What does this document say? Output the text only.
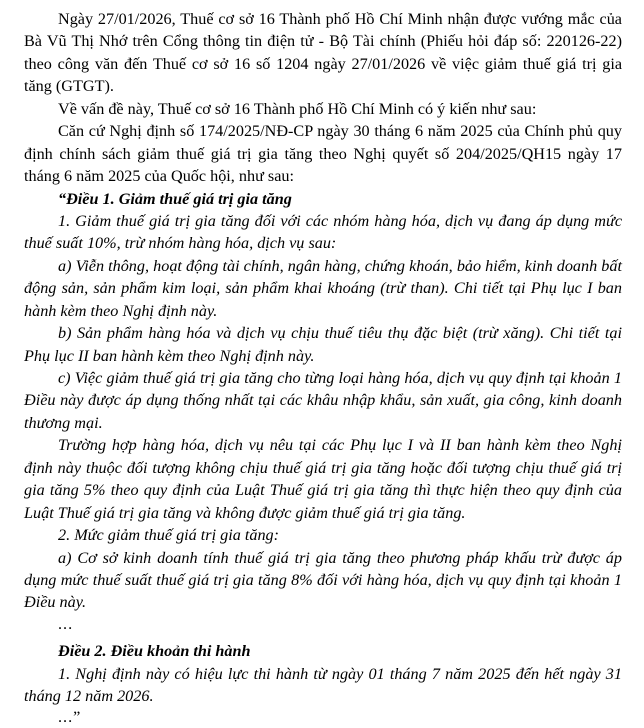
Ngày 27/01/2026, Thuế cơ sở 16 Thành phố Hồ Chí Minh nhận được vướng mắc của Bà Vũ Thị Nhớ trên Cổng thông tin điện tử - Bộ Tài chính (Phiếu hỏi đáp số: 220126-22) theo công văn đến Thuế cơ sở 16 số 1204 ngày 27/01/2026 về việc giảm thuế giá trị gia tăng (GTGT).

Về vấn đề này, Thuế cơ sở 16 Thành phố Hồ Chí Minh có ý kiến như sau:

Căn cứ Nghị định số 174/2025/NĐ-CP ngày 30 tháng 6 năm 2025 của Chính phủ quy định chính sách giảm thuế giá trị gia tăng theo Nghị quyết số 204/2025/QH15 ngày 17 tháng 6 năm 2025 của Quốc hội, như sau:

“Điều 1. Giảm thuế giá trị gia tăng

1. Giảm thuế giá trị gia tăng đối với các nhóm hàng hóa, dịch vụ đang áp dụng mức thuế suất 10%, trừ nhóm hàng hóa, dịch vụ sau:

a) Viễn thông, hoạt động tài chính, ngân hàng, chứng khoán, bảo hiểm, kinh doanh bất động sản, sản phẩm kim loại, sản phẩm khai khoáng (trừ than). Chi tiết tại Phụ lục I ban hành kèm theo Nghị định này.

b) Sản phẩm hàng hóa và dịch vụ chịu thuế tiêu thụ đặc biệt (trừ xăng). Chi tiết tại Phụ lục II ban hành kèm theo Nghị định này.

c) Việc giảm thuế giá trị gia tăng cho từng loại hàng hóa, dịch vụ quy định tại khoản 1 Điều này được áp dụng thống nhất tại các khâu nhập khẩu, sản xuất, gia công, kinh doanh thương mại.

Trường hợp hàng hóa, dịch vụ nêu tại các Phụ lục I và II ban hành kèm theo Nghị định này thuộc đối tượng không chịu thuế giá trị gia tăng hoặc đối tượng chịu thuế giá trị gia tăng 5% theo quy định của Luật Thuế giá trị gia tăng thì thực hiện theo quy định của Luật Thuế giá trị gia tăng và không được giảm thuế giá trị gia tăng.

2. Mức giảm thuế giá trị gia tăng:

a) Cơ sở kinh doanh tính thuế giá trị gia tăng theo phương pháp khấu trừ được áp dụng mức thuế suất thuế giá trị gia tăng 8% đối với hàng hóa, dịch vụ quy định tại khoản 1 Điều này.

...

Điều 2. Điều khoản thi hành

1. Nghị định này có hiệu lực thi hành từ ngày 01 tháng 7 năm 2025 đến hết ngày 31 tháng 12 năm 2026.

...”
